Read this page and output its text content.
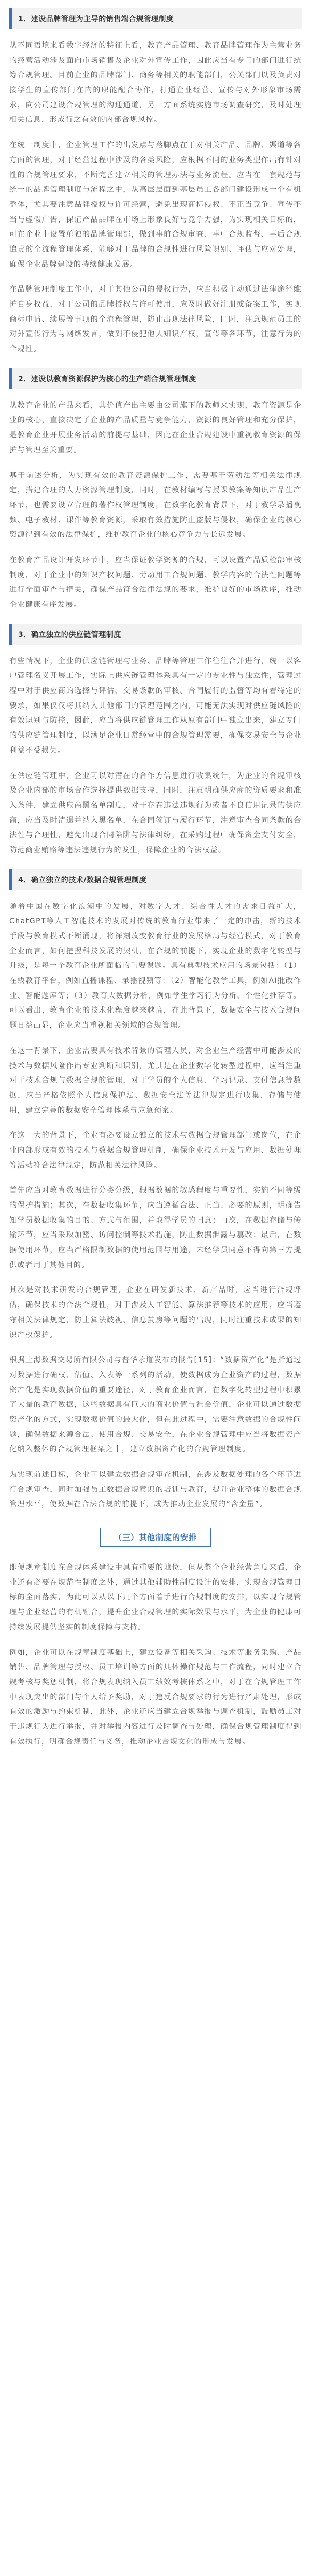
1．建设品牌管理为主导的销售端合规管理制度

从不同语境来看数字经济的特征上看，教育产品管理、教育品牌管理作为主营业务的经营活动涉及面向市场销售及企业对外宣传工作，因此应当有专门的部门进行统筹合规管理。目前企业的品牌部门、商务等相关的职能部门，公关部门以及负责对接学生的宣传部门在内的职能配合协作，打通企业经营、宣传与对外形象市场需求，向公司建设合规管理的沟通通道，另一方面系统实施市场调查研究，及时处理相关信息，形成行之有效的内部合规风控。

在统一制度中，企业管理工作的出发点与落脚点在于对相关产品、品牌、渠道等各方面的管理，对于经营过程中涉及的各类风险，应根据不同的业务类型作出有针对性的合规管理要求，不断完善建立相关的管理办法与业务流程。应当在一套规范与统一的品牌管理制度与流程之中，从高层层面到基层员工各部门建设形成一个有机整体，尤其要注意品牌授权与许可经营，避免出现商标侵权、不正当竞争、宣传不当与虚假广告，保证产品品牌在市场上形象良好与竞争力强，为实现相关目标的，可在企业中设置单独的品牌管理部，做到事前合规审查、事中合规监督、事后合规追责的全流程管理体系，能够对于品牌的合规性进行风险识别、评估与应对处理，确保企业品牌建设的持续健康发展。

在品牌管理制度工作中，对于其他公司的侵权行为，应当积极主动通过法律途径维护自身权益，对于公司的品牌授权与许可使用，应及时做好注册或备案工作，实现商标申请、续展等事项的全流程管理，防止出现法律风险，同时，注意规范员工的对外宣传行为与网络发言，做到不侵犯他人知识产权，宣传等各环节，注意行为的合规性。

2．建设以教育资源保护为核心的生产端合规管理制度

从教育企业的产品来看，其价值产出主要由公司旗下的教师来实现，教育资源是企业的核心，直接决定了企业的产品质量与竞争能力，资源的良好管理和充分保护，是教育企业开展业务活动的前提与基础，因此在企业合规建设中重视教育资源的保护与管理至关重要。

基于前述分析，为实现有效的教育资源保护工作，需要基于劳动法等相关法律规定，搭建合理的人力资源管理制度，同时，在教材编写与授课教案等知识产品生产环节，也需要设立合理的著作权管理制度，在数字化教育背景下，对于教学录播视频、电子教材、课件等教育资源，采取有效措施防止盗版与侵权，确保企业的核心资源得到有效的法律保护，维护教育企业的核心竞争力与长远发展。

在教育产品设计开发环节中，应当保证教学资源的合规，可以设置产品质检部审核制度，对于企业中的知识产权问题、劳动用工合规问题、教学内容的合法性问题等进行全面审查与把关，确保产品符合法律法规的要求，维护良好的市场秩序，推动企业健康有序发展。

3．确立独立的供应链管理制度

有些情况下，企业的供应链管理与业务、品牌等管理工作往往合并进行，统一以客户管理名义开展工作，实际上供应链管理体系具有一定的专业性与独立性，管理过程中对于供应商的选择与评估、交易条款的审核、合同履行的监督等均有着特定的要求，如果仅仅将其纳入其他部门的管理范围之内，可能无法实现对供应链风险的有效识别与防控，因此，应当将供应链管理工作从原有部门中独立出来，建立专门的供应链管理制度，以满足企业日常经营中的合规管理需要，确保交易安全与企业利益不受损失。

在供应链管理中，企业可以对潜在的合作方信息进行收集统计，为企业的合规审核及企业内部的市场合作选择提供数据支持，同时，注意明确供应商的资质要求和准入条件，建立供应商黑名单制度，对于存在违法违规行为或者不良信用记录的供应商，应当及时清退并纳入黑名单，在合同签订与履行环节，注意审查合同条款的合法性与合理性，避免出现合同陷阱与法律纠纷，在采购过程中确保资金支付安全，防范商业贿赂等违法违规行为的发生，保障企业的合法权益。

4．确立独立的技术/数据合规管理制度

随着中国在数字化浪潮中的发展，对数字人才、综合性人才的需求日益扩大，ChatGPT等人工智能技术的发展对传统的教育行业带来了一定的冲击，新的技术手段与教育模式不断涌现，将深刻改变教育行业的发展格局与经营模式，对于教育企业而言，如何把握科技发展的契机，在合规的前提下，实现企业的数字化转型与升级，是每一个教育企业所面临的重要课题。具有典型技术应用的场景包括：（1）在线教育平台，例如直播课程、录播视频等；（2）智能化教学工具，例如AI批改作业、智能题库等；（3）教育大数据分析，例如学生学习行为分析、个性化推荐等。可以看出，教育企业的技术化程度越来越高，在此背景下，数据安全与技术合规问题日益凸显，企业应当重视相关领域的合规管理。

在这一背景下，企业需要具有技术背景的管理人员，对企业生产经营中可能涉及的技术与数据风险作出专业判断和识别，尤其是在企业数字化转型过程中，应当注重对于技术合规与数据合规的管理，对于学员的个人信息、学习记录、支付信息等数据，应当严格依照个人信息保护法、数据安全法等法律规定进行收集、存储与使用，建立完善的数据安全管理体系与应急预案。

在这一大的背景下，企业有必要设立独立的技术与数据合规管理部门或岗位，在企业内部形成有效的技术与数据合规管理机制，确保企业技术开发与应用、数据处理等活动符合法律规定，防范相关法律风险。

首先应当对教育数据进行分类分级，根据数据的敏感程度与重要性，实施不同等级的保护措施；其次，在数据收集环节，应当遵循合法、正当、必要的原则，明确告知学员数据收集的目的、方式与范围，并取得学员的同意；再次，在数据存储与传输环节，应当采取加密、访问控制等技术措施，防止数据泄露与篡改；最后，在数据使用环节，应当严格限制数据的使用范围与用途，未经学员同意不得向第三方提供或者用于其他目的。

其次是对技术研发的合规管理，企业在研发新技术、新产品时，应当进行合规评估，确保技术的合法合规性，对于涉及人工智能、算法推荐等技术的应用，应当遵守相关法律规定，防止算法歧视、信息茧房等问题的出现，同时注重技术成果的知识产权保护。

根据上海数据交易所有限公司与普华永道发布的报告[15]：“数据资产化”是指通过对数据进行确权、估值、入表等一系列的活动，使数据成为企业资产的过程，数据资产化是实现数据价值的重要途径，对于教育企业而言，在数字化转型过程中积累了大量的教育数据，这些数据具有巨大的商业价值与社会价值，企业可以通过数据资产化的方式，实现数据价值的最大化，但在此过程中，需要注意数据的合规性问题，确保数据来源合法、使用合规、交易安全，在企业合规管理中应当将数据资产化纳入整体的合规管理框架之中，建立数据资产化的合规管理制度。

为实现前述目标，企业可以建立数据合规审查机制，在涉及数据处理的各个环节进行合规审查，同时加强员工数据合规意识的培训与教育，提升企业整体的数据合规管理水平，使数据在合法合规的前提下，成为推动企业发展的“含金量”。

（三）其他制度的安排

即便规章制度在合规体系建设中具有重要的地位，但从整个企业经营角度来看，企业还有必要在规范性制度之外，通过其他辅助性制度设计的安排，实现合规管理目标的全面落实，为此可以从以下几个方面着手进行合规制度的安排，以实现合规管理与企业经营的有机融合，提升企业合规管理的实际效果与水平，为企业的健康可持续发展提供坚实的制度保障与支持。

例如，企业可以在规章制度基础上，建立设备等相关采购、技术等服务采购、产品销售、品牌管理与授权、员工培训等方面的具体操作规范与工作流程，同时建立合规考核与奖惩机制，将合规表现纳入员工绩效考核体系之中，对于在合规管理工作中表现突出的部门与个人给予奖励，对于违反合规要求的行为进行严肃处理，形成有效的激励与约束机制，此外，企业还应当建立合规举报与调查机制，鼓励员工对于违规行为进行举报，并对举报内容进行及时调查与处理，确保合规管理制度得到有效执行，明确合规责任与义务，推动企业合规文化的形成与发展。
